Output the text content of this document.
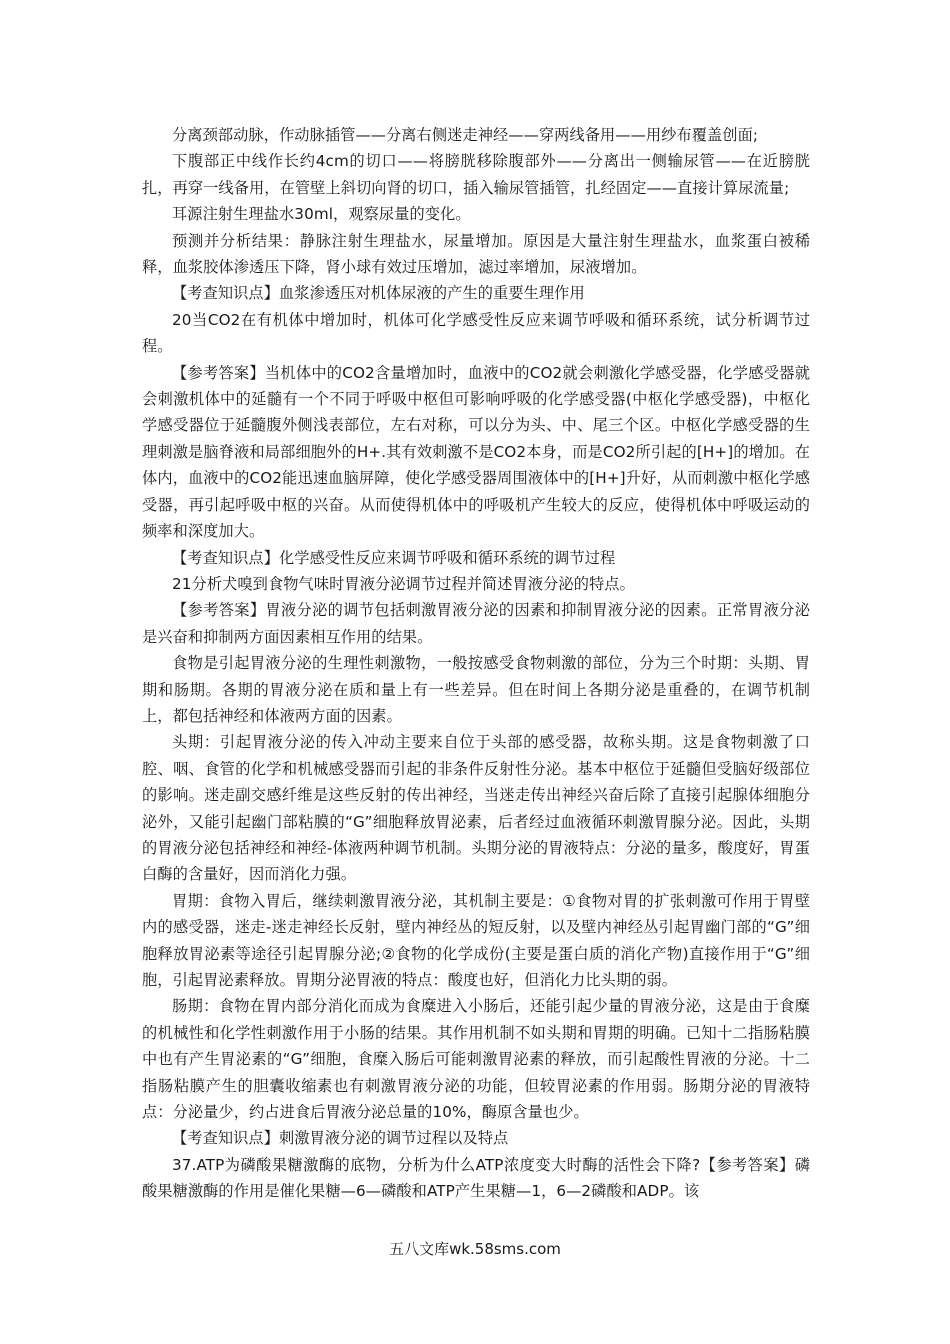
分离颈部动脉，作动脉插管——分离右侧迷走神经——穿两线备用——用纱布覆盖创面;

下腹部正中线作长约4cm的切口——将膀胱移除腹部外——分离出一侧输尿管——在近膀胱扎，再穿一线备用，在管壁上斜切向肾的切口，插入输尿管插管，扎经固定——直接计算尿流量;

耳源注射生理盐水30ml，观察尿量的变化。

预测并分析结果：静脉注射生理盐水，尿量增加。原因是大量注射生理盐水，血浆蛋白被稀释，血浆胶体渗透压下降，肾小球有效过压增加，滤过率增加，尿液增加。

【考查知识点】血浆渗透压对机体尿液的产生的重要生理作用

20当CO2在有机体中增加时，机体可化学感受性反应来调节呼吸和循环系统，试分析调节过程。

【参考答案】当机体中的CO2含量增加时，血液中的CO2就会刺激化学感受器，化学感受器就会刺激机体中的延髓有一个不同于呼吸中枢但可影响呼吸的化学感受器(中枢化学感受器)，中枢化学感受器位于延髓腹外侧浅表部位，左右对称，可以分为头、中、尾三个区。中枢化学感受器的生理刺激是脑脊液和局部细胞外的H+.其有效刺激不是CO2本身，而是CO2所引起的[H+]的增加。在体内，血液中的CO2能迅速血脑屏障，使化学感受器周围液体中的[H+]升好，从而刺激中枢化学感受器，再引起呼吸中枢的兴奋。从而使得机体中的呼吸机产生较大的反应，使得机体中呼吸运动的频率和深度加大。

【考查知识点】化学感受性反应来调节呼吸和循环系统的调节过程

21分析犬嗅到食物气味时胃液分泌调节过程并简述胃液分泌的特点。

【参考答案】胃液分泌的调节包括刺激胃液分泌的因素和抑制胃液分泌的因素。正常胃液分泌是兴奋和抑制两方面因素相互作用的结果。

食物是引起胃液分泌的生理性刺激物，一般按感受食物刺激的部位，分为三个时期：头期、胃期和肠期。各期的胃液分泌在质和量上有一些差异。但在时间上各期分泌是重叠的，在调节机制上，都包括神经和体液两方面的因素。

头期：引起胃液分泌的传入冲动主要来自位于头部的感受器，故称头期。这是食物刺激了口腔、咽、食管的化学和机械感受器而引起的非条件反射性分泌。基本中枢位于延髓但受脑好级部位的影响。迷走副交感纤维是这些反射的传出神经，当迷走传出神经兴奋后除了直接引起腺体细胞分泌外，又能引起幽门部粘膜的“G”细胞释放胃泌素，后者经过血液循环刺激胃腺分泌。因此，头期的胃液分泌包括神经和神经-体液两种调节机制。头期分泌的胃液特点：分泌的量多，酸度好，胃蛋白酶的含量好，因而消化力强。

胃期：食物入胃后，继续刺激胃液分泌，其机制主要是：①食物对胃的扩张刺激可作用于胃壁内的感受器，迷走-迷走神经长反射，壁内神经丛的短反射，以及壁内神经丛引起胃幽门部的“G”细胞释放胃泌素等途径引起胃腺分泌;②食物的化学成份(主要是蛋白质的消化产物)直接作用于“G”细胞，引起胃泌素释放。胃期分泌胃液的特点：酸度也好，但消化力比头期的弱。

肠期：食物在胃内部分消化而成为食糜进入小肠后，还能引起少量的胃液分泌，这是由于食糜的机械性和化学性刺激作用于小肠的结果。其作用机制不如头期和胃期的明确。已知十二指肠粘膜中也有产生胃泌素的“G”细胞，食糜入肠后可能刺激胃泌素的释放，而引起酸性胃液的分泌。十二指肠粘膜产生的胆囊收缩素也有刺激胃液分泌的功能，但较胃泌素的作用弱。肠期分泌的胃液特点：分泌量少，约占进食后胃液分泌总量的10%，酶原含量也少。

【考查知识点】刺激胃液分泌的调节过程以及特点

37.ATP为磷酸果糖激酶的底物，分析为什么ATP浓度变大时酶的活性会下降?【参考答案】磷酸果糖激酶的作用是催化果糖—6—磷酸和ATP产生果糖—1，6—2磷酸和ADP。该

五八文库wk.58sms.com
